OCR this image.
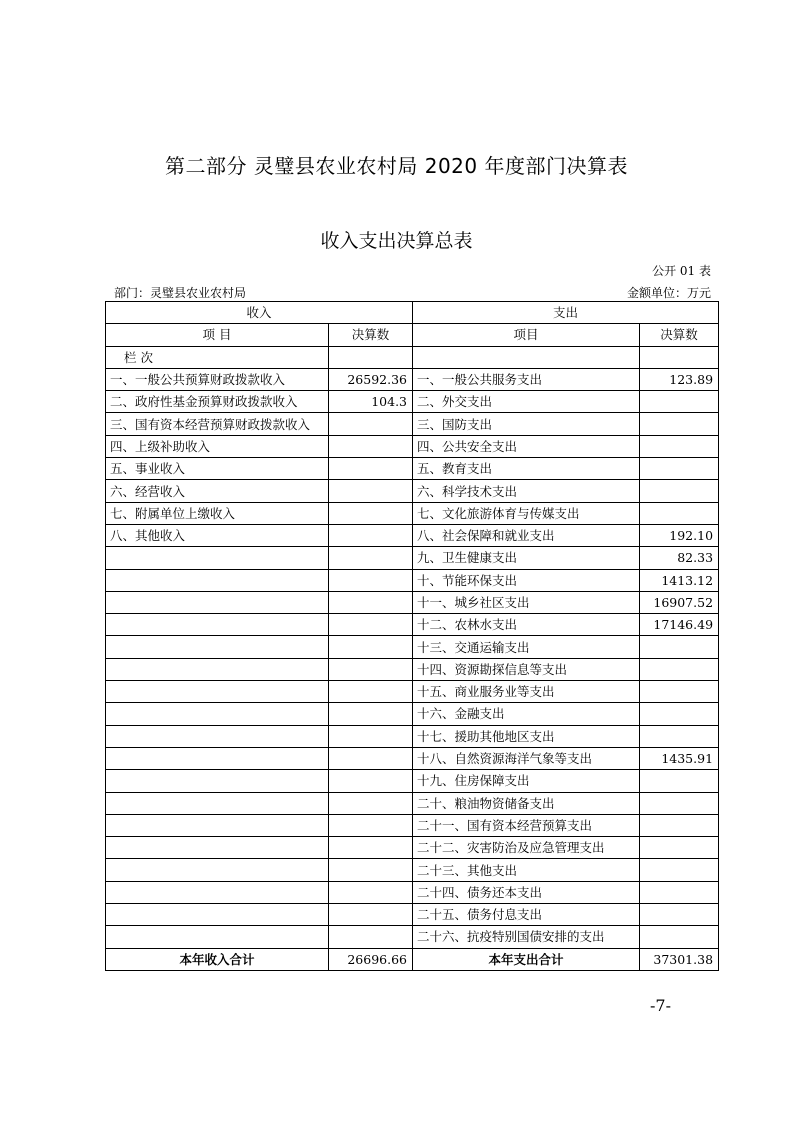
第二部分 灵璧县农业农村局 2020 年度部门决算表
收入支出决算总表
公开 01 表
部门：灵璧县农业农村局	金额单位：万元
收入		支出	
项 目	决算数	项目	决算数
栏 次			
一、一般公共预算财政拨款收入	26592.36	一、一般公共服务支出	123.89
二、政府性基金预算财政拨款收入	104.3	二、外交支出	
三、国有资本经营预算财政拨款收入		三、国防支出	
四、上级补助收入		四、公共安全支出	
五、事业收入		五、教育支出	
六、经营收入		六、科学技术支出	
七、附属单位上缴收入		七、文化旅游体育与传媒支出	
八、其他收入		八、社会保障和就业支出	192.10
		九、卫生健康支出	82.33
		十、节能环保支出	1413.12
		十一、城乡社区支出	16907.52
		十二、农林水支出	17146.49
		十三、交通运输支出	
		十四、资源勘探信息等支出	
		十五、商业服务业等支出	
		十六、金融支出	
		十七、援助其他地区支出	
		十八、自然资源海洋气象等支出	1435.91
		十九、住房保障支出	
		二十、粮油物资储备支出	
		二十一、国有资本经营预算支出	
		二十二、灾害防治及应急管理支出	
		二十三、其他支出	
		二十四、债务还本支出	
		二十五、债务付息支出	
		二十六、抗疫特别国债安排的支出	
本年收入合计	26696.66	本年支出合计	37301.38
-7-
